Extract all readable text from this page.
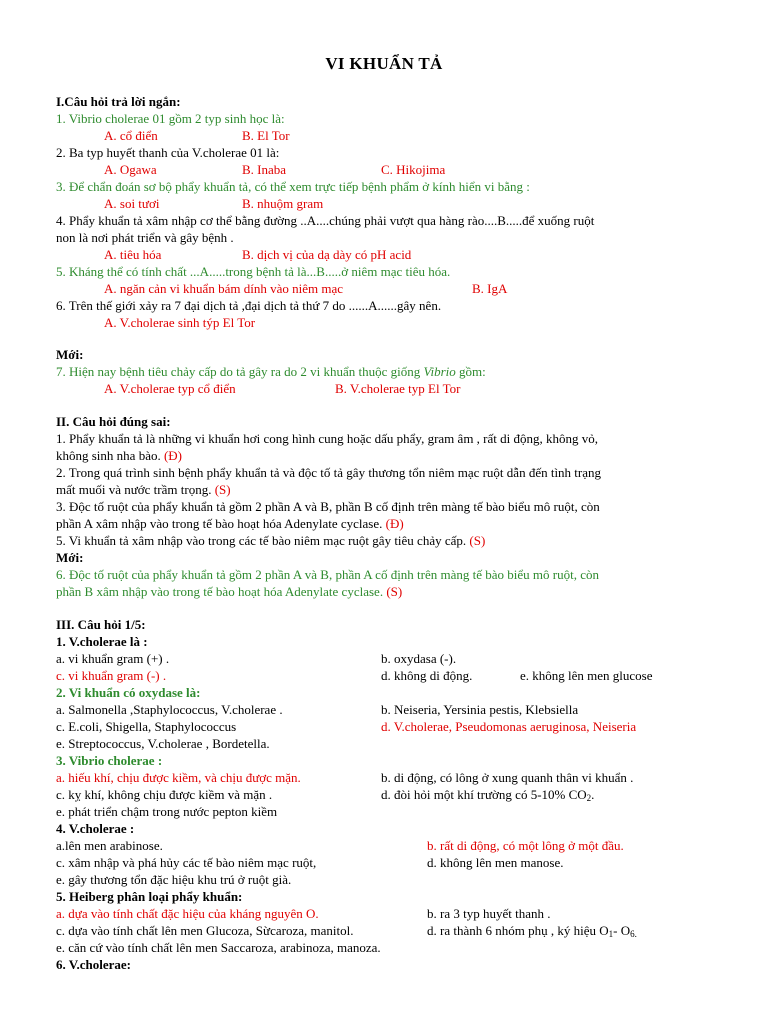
VI KHUẨN TẢ
I.Câu hỏi trả lời ngắn:
1. Vibrio cholerae 01 gồm 2 typ sinh học là:
A. cổ điển	B. El Tor
2. Ba typ huyết thanh của V.cholerae 01 là:
A. Ogawa	B. Inaba	C. Hikojima
3. Để chẩn đoán sơ bộ phẩy khuẩn tả, có thể xem trực tiếp bệnh phẩm ở kính hiển vi bằng :
A. soi tươi	B. nhuộm gram
4. Phẩy khuẩn tả xâm nhập cơ thể bằng đường ..A....chúng phải vượt qua hàng rào....B.....để xuống ruột
non là nơi phát triển và gây bệnh .
A. tiêu hóa	B. dịch vị của dạ dày có pH acid
5. Kháng thể có tính chất ...A.....trong bệnh tả là...B.....ở niêm mạc tiêu hóa.
A. ngăn cản vi khuẩn bám dính vào niêm mạc	B. IgA
6. Trên thế giới xảy ra 7 đại dịch tả ,đại dịch tả thứ 7 do ......A......gây nên.
A. V.cholerae sinh týp El Tor
Mới:
7. Hiện nay bệnh tiêu chảy cấp do tả gây ra do 2 vi khuẩn thuộc giống Vibrio gồm:
A. V.cholerae typ cổ điển	B. V.cholerae typ El Tor
II. Câu hỏi đúng sai:
1. Phẩy khuẩn tả là những vi khuẩn hơi cong hình cung hoặc dấu phẩy, gram âm , rất di động, không vỏ,
không sinh nha bào. (Đ)
2. Trong quá trình sinh bệnh phẩy khuẩn tả và độc tố tả gây thương tổn niêm mạc ruột dẫn đến tình trạng
mất muối và nước trầm trọng. (S)
3. Độc tố ruột của phẩy khuẩn tả gồm 2 phần A và B, phần B cố định trên màng tế bào biểu mô ruột, còn
phần A xâm nhập vào trong tế bào hoạt hóa Adenylate cyclase. (Đ)
5. Vi khuẩn tả xâm nhập vào trong các tế bào niêm mạc ruột gây tiêu chảy cấp. (S)
Mới:
6. Độc tố ruột của phẩy khuẩn tả gồm 2 phần A và B, phần A cố định trên màng tế bào biểu mô ruột, còn
phần B xâm nhập vào trong tế bào hoạt hóa Adenylate cyclase. (S)
III. Câu hỏi 1/5:
1. V.cholerae là :
a. vi khuẩn gram (+) .	b. oxydasa (-).
c. vi khuẩn gram (-) .	d. không di động.	e. không lên men glucose
2. Vi khuẩn có oxydase là:
a. Salmonella ,Staphylococcus, V.cholerae .	b. Neiseria, Yersinia pestis, Klebsiella
c. E.coli, Shigella, Staphylococcus	d. V.cholerae, Pseudomonas aeruginosa, Neiseria
e. Streptococcus, V.cholerae , Bordetella.
3. Vibrio cholerae :
a. hiếu khí, chịu được kiềm, và chịu được mặn.	b. di động, có lông ở xung quanh thân vi khuẩn .
c. kỵ khí, không chịu được kiềm và mặn .	d. đòi hỏi một khí trường có 5-10% CO2.
e. phát triển chậm trong nước pepton kiềm
4. V.cholerae :
a.lên men arabinose.	b. rất di động, có một lông ở một đầu.
c. xâm nhập và phá hủy các tế bào niêm mạc ruột,	d. không lên men manose.
e. gây thương tổn đặc hiệu khu trú ở ruột già.
5. Heiberg phân loại phẩy khuẩn:
a. dựa vào tính chất đặc hiệu của kháng nguyên O.	b. ra 3 typ huyết thanh .
c. dựa vào tính chất lên men Glucoza, Sừcaroza, manitol.	d. ra thành 6 nhóm phụ , ký hiệu O1- O6.
e. căn cứ vào tính chất lên men Saccaroza, arabinoza, manoza.
6. V.cholerae:
